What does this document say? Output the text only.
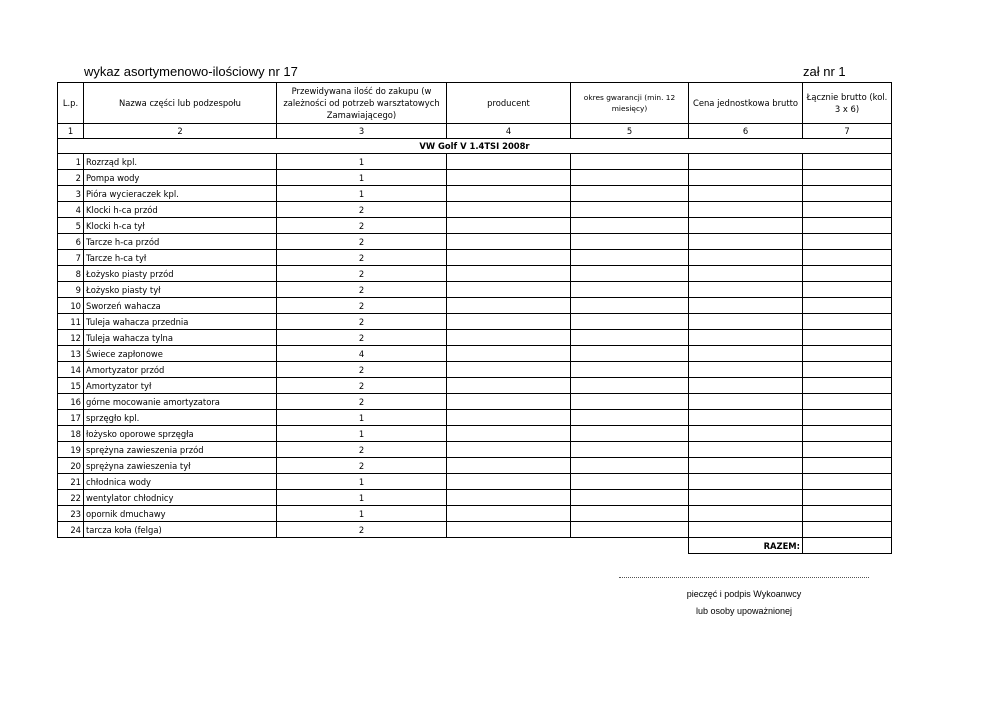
wykaz asortymenowo-ilościowy nr 17	zał nr 1
L.p.	Nazwa części lub podzespołu	Przewidywana ilość do zakupu (w zależności od potrzeb warsztatowych Zamawiającego)	producent	okres gwarancji (min. 12 miesięcy)	Cena jednostkowa brutto	Łącznie brutto (kol. 3 x 6)
1	2	3	4	5	6	7
VW Golf V 1.4TSI 2008r						
1	Rozrząd kpl.	1				
2	Pompa wody	1				
3	Pióra wycieraczek kpl.	1				
4	Klocki h-ca przód	2				
5	Klocki h-ca tył	2				
6	Tarcze h-ca przód	2				
7	Tarcze h-ca tył	2				
8	Łożysko piasty przód	2				
9	Łożysko piasty tył	2				
10	Sworzeń wahacza	2				
11	Tuleja wahacza przednia	2				
12	Tuleja wahacza tylna	2				
13	Świece zapłonowe	4				
14	Amortyzator przód	2				
15	Amortyzator tył	2				
16	górne mocowanie amortyzatora	2				
17	sprzęgło kpl.	1				
18	łożysko oporowe sprzęgła	1				
19	sprężyna zawieszenia przód	2				
20	sprężyna zawieszenia tył	2				
21	chłodnica wody	1				
22	wentylator chłodnicy	1				
23	opornik dmuchawy	1				
24	tarcza koła (felga)	2				
					RAZEM:	
pieczęć i podpis Wykoanwcy
lub osoby upoważnionej
